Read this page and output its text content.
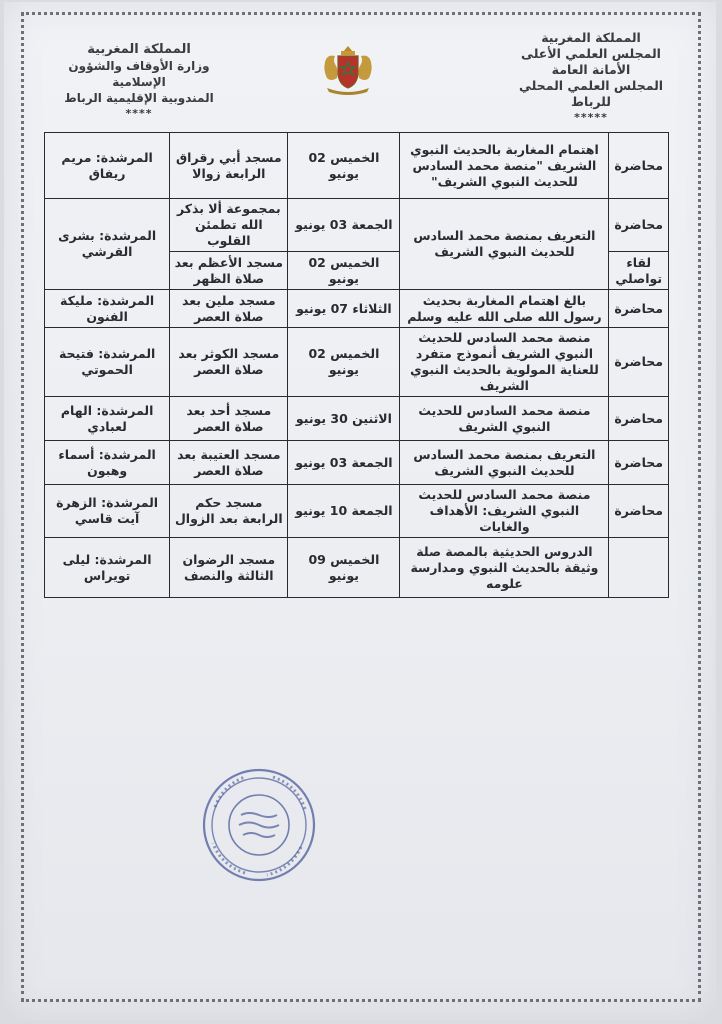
المملكة المغربية
المجلس العلمي الأعلى
الأمانة العامة
المجلس العلمي المحلي للرباط
*****
المملكة المغربية
وزارة الأوقاف والشؤون الإسلامية
المندوبية الإقليمية الرباط
****
محاضرة	اهتمام المغاربة بالحديث النبوي الشريف "منصة محمد السادس للحديث النبوي الشريف"	الخميس 02 يونيو	مسجد أبي رقراق الرابعة زوالا	المرشدة: مريم ريفاق
محاضرة	التعريف بمنصة محمد السادس للحديث النبوي الشريف	الجمعة 03 يونيو	بمجموعة ألا بذكر الله تطمئن القلوب	المرشدة: بشرى القرشي
لقاء تواصلي		الخميس 02 يونيو	مسجد الأعظم بعد صلاة الظهر	
محاضرة	بالغ اهتمام المغاربة بحديث رسول الله صلى الله عليه وسلم	الثلاثاء 07 يونيو	مسجد ملين بعد صلاة العصر	المرشدة: مليكة الفنون
محاضرة	منصة محمد السادس للحديث النبوي الشريف أنموذج متفرد للعناية المولوية بالحديث النبوي الشريف	الخميس 02 يونيو	مسجد الكوثر بعد صلاة العصر	المرشدة: فتيحة الحموتي
محاضرة	منصة محمد السادس للحديث النبوي الشريف	الاثنين 30 يونيو	مسجد أحد بعد صلاة العصر	المرشدة: الهام لعبادي
محاضرة	التعريف بمنصة محمد السادس للحديث النبوي الشريف	الجمعة 03 يونيو	مسجد العتيبة بعد صلاة العصر	المرشدة: أسماء وهبون
محاضرة	منصة محمد السادس للحديث النبوي الشريف: الأهداف والغايات	الجمعة 10 يونيو	مسجد حكم الرابعة بعد الزوال	المرشدة: الزهرة آيت قاسي
	الدروس الحديثية بالمصة صلة وثيقة بالحديث النبوي ومدارسة علومه	الخميس 09 يونيو	مسجد الرضوان الثالثة والنصف	المرشدة: ليلى تويراس
